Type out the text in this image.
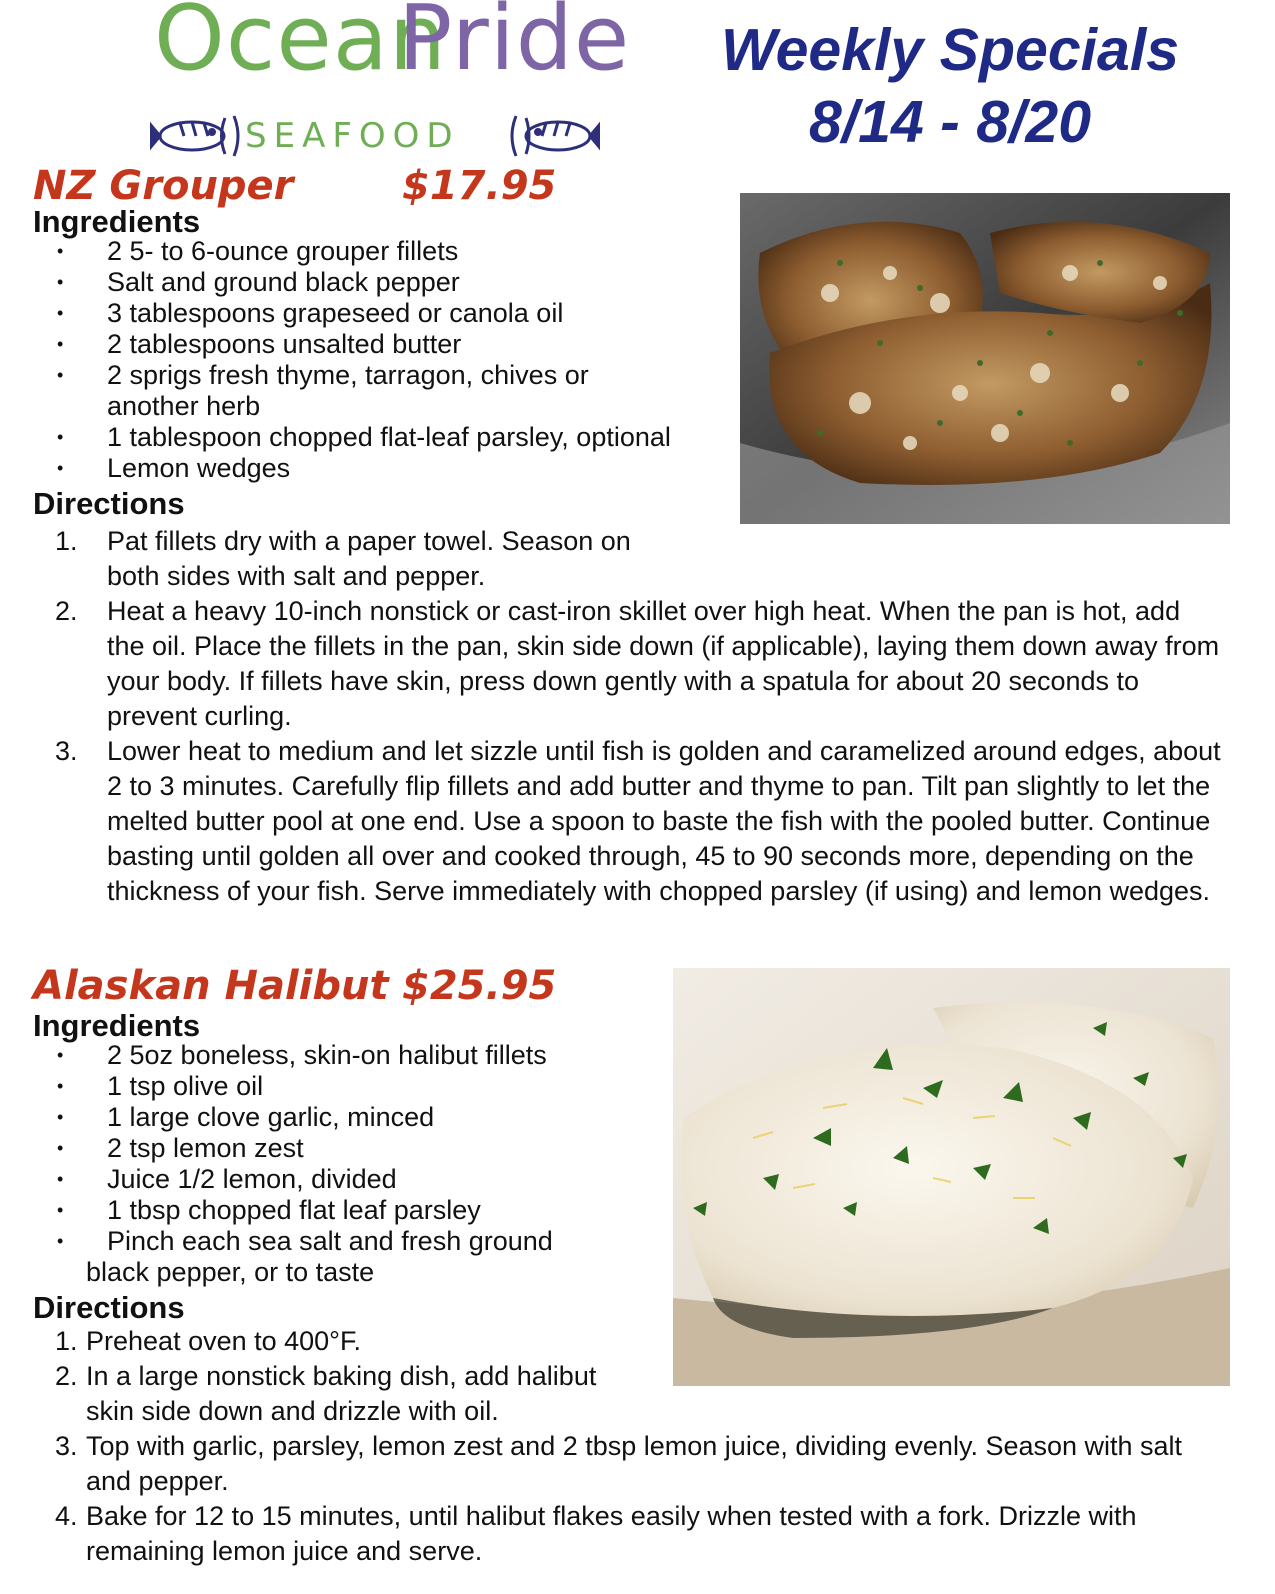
Ocean
Pride
SEAFOOD
Weekly Specials
8/14 - 8/20
NZ Grouper	$17.95
Ingredients
•	2 5- to 6-ounce grouper fillets
•	Salt and ground black pepper
•	3 tablespoons grapeseed or canola oil
•	2 tablespoons unsalted butter
•	2 sprigs fresh thyme, tarragon, chives or another herb
•	1 tablespoon chopped flat-leaf parsley, optional
•	Lemon wedges
Directions
1.	Pat fillets dry with a paper towel. Season on both sides with salt and pepper.
2.	Heat a heavy 10-inch nonstick or cast-iron skillet over high heat. When the pan is hot, add the oil. Place the fillets in the pan, skin side down (if applicable), laying them down away from your body. If fillets have skin, press down gently with a spatula for about 20 seconds to prevent curling.
3.	Lower heat to medium and let sizzle until fish is golden and caramelized around edges, about 2 to 3 minutes. Carefully flip fillets and add butter and thyme to pan. Tilt pan slightly to let the melted butter pool at one end. Use a spoon to baste the fish with the pooled butter. Continue basting until golden all over and cooked through, 45 to 90 seconds more, depending on the thickness of your fish. Serve immediately with chopped parsley (if using) and lemon wedges.
Alaskan Halibut $25.95
Ingredients
•	2 5oz boneless, skin-on halibut fillets
•	1 tsp olive oil
•	1 large clove garlic, minced
•	2 tsp lemon zest
•	Juice 1/2 lemon, divided
•	1 tbsp chopped flat leaf parsley
•	Pinch each sea salt and fresh ground black pepper, or to taste
Directions
1. Preheat oven to 400°F.
2. In a large nonstick baking dish, add halibut skin side down and drizzle with oil.
3. Top with garlic, parsley, lemon zest and 2 tbsp lemon juice, dividing evenly. Season with salt and pepper.
4. Bake for 12 to 15 minutes, until halibut flakes easily when tested with a fork. Drizzle with remaining lemon juice and serve.
